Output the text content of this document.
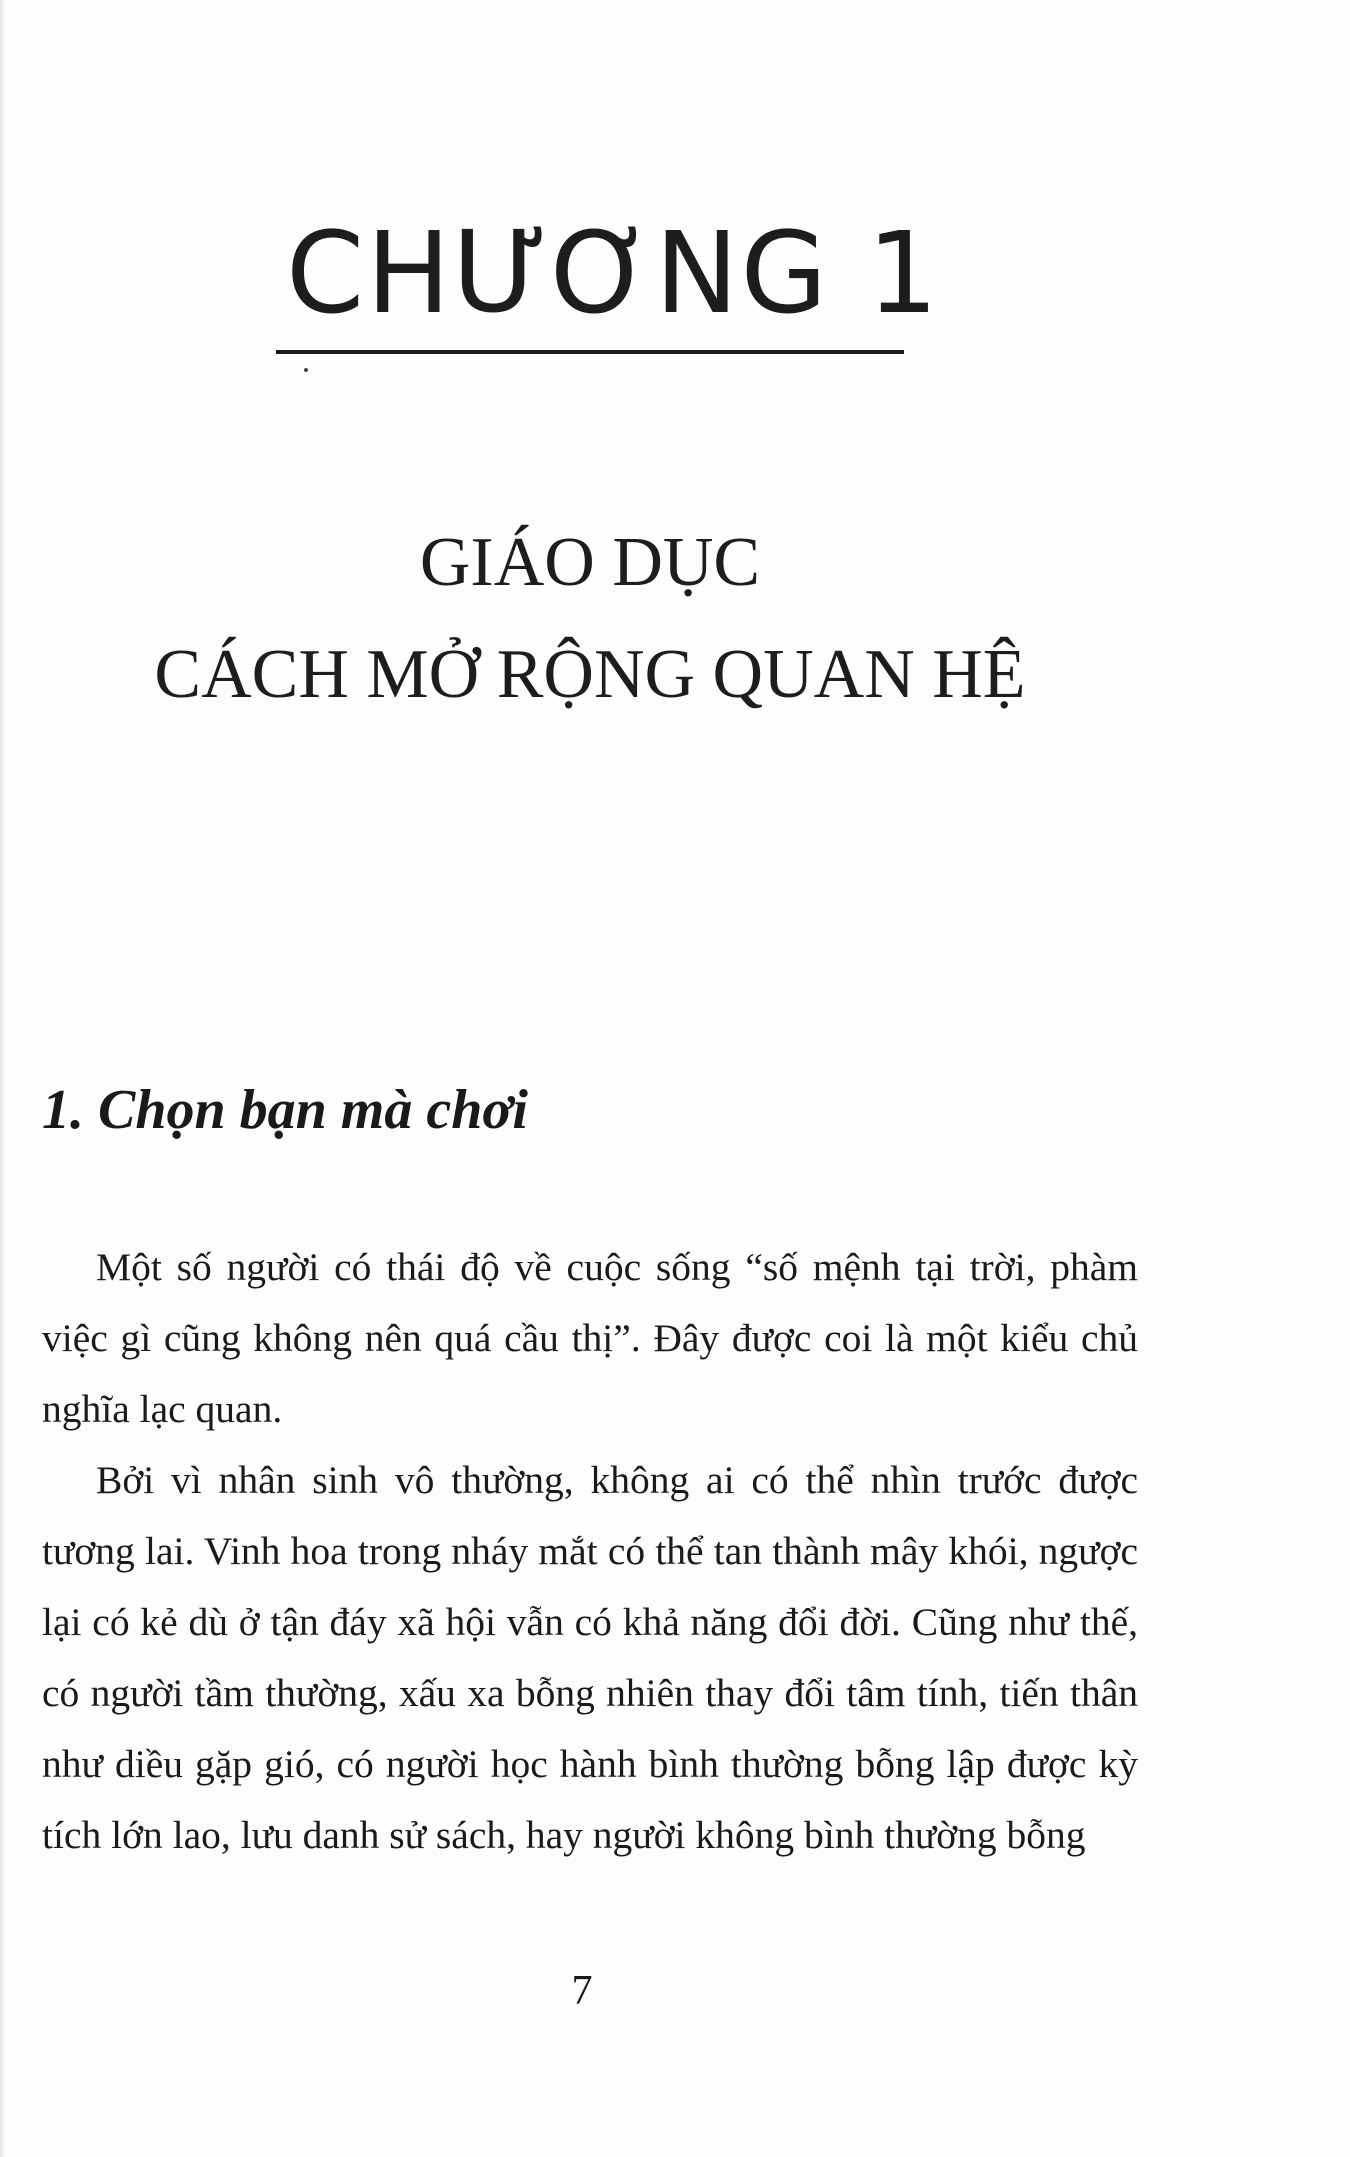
CHƯƠNG 1
GIÁO DỤC
CÁCH MỞ RỘNG QUAN HỆ
1. Chọn bạn mà chơi

Một số người có thái độ về cuộc sống “số mệnh tại trời, phàm việc gì cũng không nên quá cầu thị”. Đây được coi là một kiểu chủ nghĩa lạc quan.

Bởi vì nhân sinh vô thường, không ai có thể nhìn trước được tương lai. Vinh hoa trong nháy mắt có thể tan thành mây khói, ngược lại có kẻ dù ở tận đáy xã hội vẫn có khả năng đổi đời. Cũng như thế, có người tầm thường, xấu xa bỗng nhiên thay đổi tâm tính, tiến thân như diều gặp gió, có người học hành bình thường bỗng lập được kỳ tích lớn lao, lưu danh sử sách, hay người không bình thường bỗng

7
